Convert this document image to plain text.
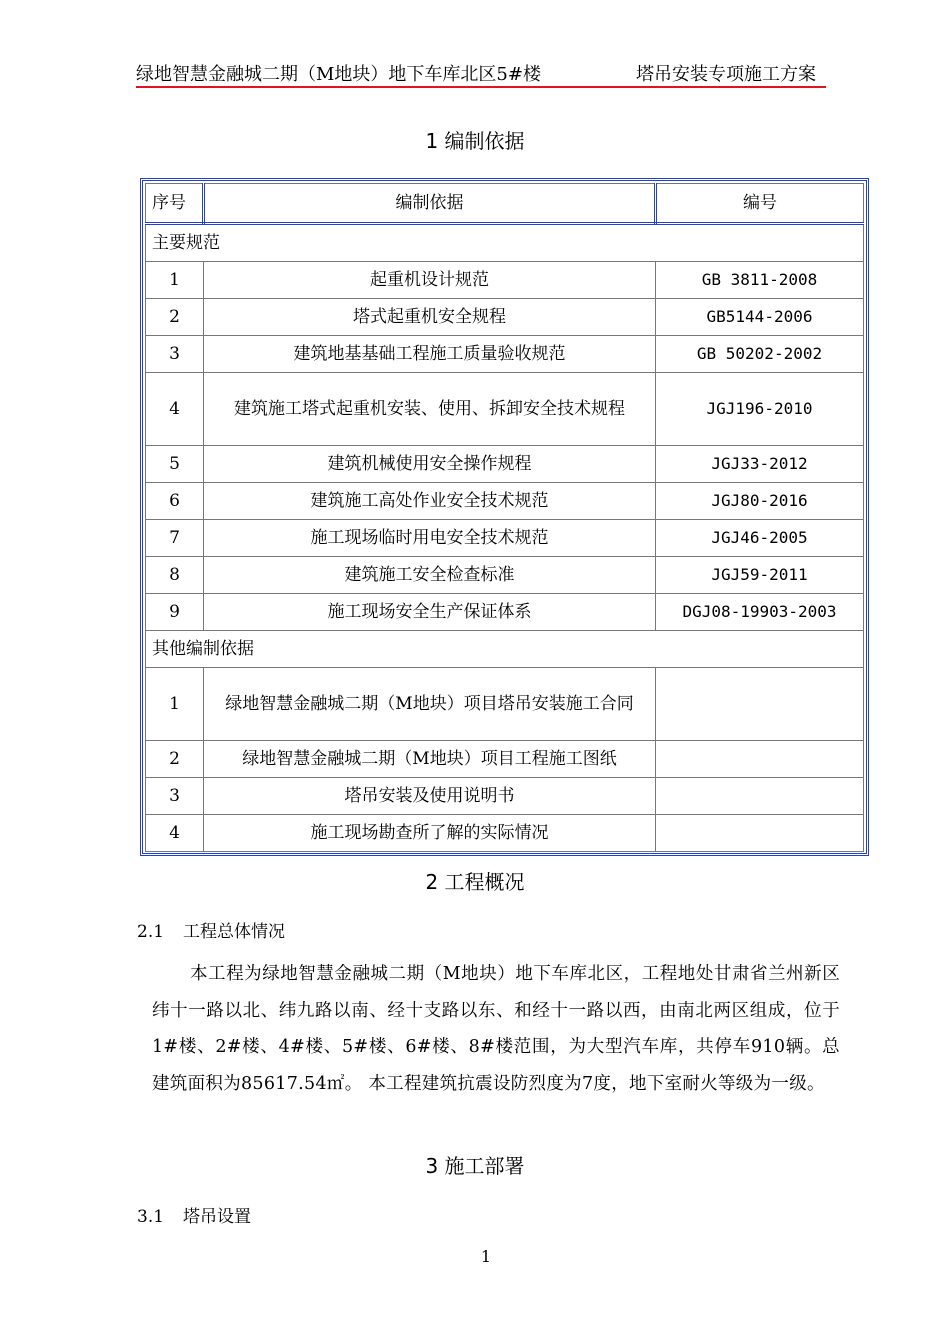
绿地智慧金融城二期（M地块）地下车库北区5#楼	塔吊安装专项施工方案
1 编制依据
序号	编制依据	编号
主要规范		
1	起重机设计规范	GB 3811-2008
2	塔式起重机安全规程	GB5144-2006
3	建筑地基基础工程施工质量验收规范	GB 50202-2002
4	建筑施工塔式起重机安装、使用、拆卸安全技术规程	JGJ196-2010
5	建筑机械使用安全操作规程	JGJ33-2012
6	建筑施工高处作业安全技术规范	JGJ80-2016
7	施工现场临时用电安全技术规范	JGJ46-2005
8	建筑施工安全检查标准	JGJ59-2011
9	施工现场安全生产保证体系	DGJ08-19903-2003
其他编制依据		
1	绿地智慧金融城二期（M地块）项目塔吊安装施工合同	
2	绿地智慧金融城二期（M地块）项目工程施工图纸	
3	塔吊安装及使用说明书	
4	施工现场勘查所了解的实际情况	
2 工程概况
2.1 工程总体情况
本工程为绿地智慧金融城二期（M地块）地下车库北区，工程地处甘肃省兰州新区纬十一路以北、纬九路以南、经十支路以东、和经十一路以西，由南北两区组成，位于1#楼、2#楼、4#楼、5#楼、6#楼、8#楼范围，为大型汽车库，共停车910辆。总建筑面积为85617.54㎡。 本工程建筑抗震设防烈度为7度，地下室耐火等级为一级。
3 施工部署
3.1 塔吊设置
1
